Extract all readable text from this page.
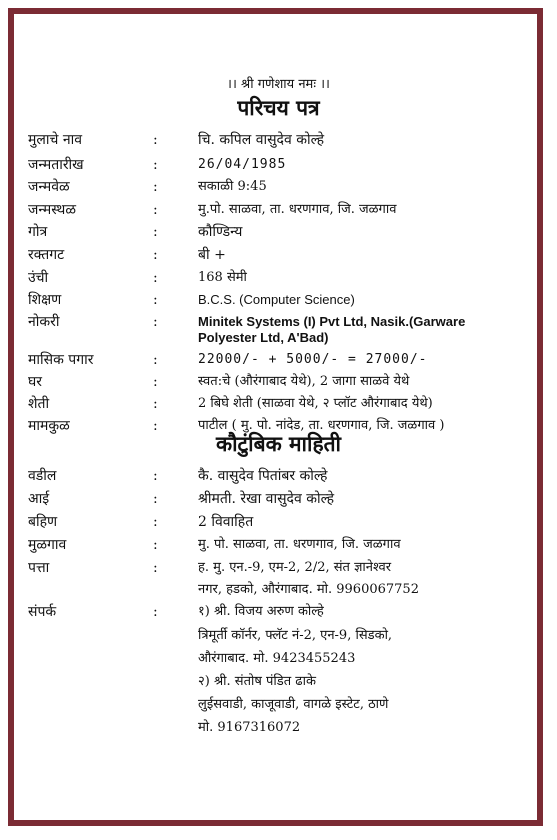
।। श्री गणेशाय नमः ।।
परिचय पत्र
मुलाचे नाव	:	चि. कपिल वासुदेव कोल्हे
जन्मतारीख	:	26/04/1985
जन्मवेळ	:	सकाळी 9:45
जन्मस्थळ	:	मु.पो. साळवा, ता. धरणगाव, जि. जळगाव
गोत्र	:	कौण्डिन्य
रक्तगट	:	बी +
उंची	:	168 सेमी
शिक्षण	:	B.C.S. (Computer Science)
नोकरी	:	Minitek Systems (I) Pvt Ltd, Nasik.(Garware
Polyester Ltd, A'Bad)
मासिक पगार	:	22000/- + 5000/- = 27000/-
घर	:	स्वत:चे (औरंगाबाद येथे), 2 जागा साळवे येथे
शेती	:	2 बिघे शेती (साळवा येथे, २ प्लॉट औरंगाबाद येथे)
मामकुळ	:	पाटील ( मु. पो. नांदेड, ता. धरणगाव, जि. जळगाव )
कौटुंबिक माहिती
वडील	:	कै. वासुदेव पितांबर कोल्हे
आई	:	श्रीमती. रेखा वासुदेव कोल्हे
बहिण	:	2 विवाहित
मुळगाव	:	मु. पो. साळवा, ता. धरणगाव, जि. जळगाव
पत्ता	:	ह. मु. एन.-9, एम-2, 2/2, संत ज्ञानेश्वर
नगर, हडको, औरंगाबाद. मो. 9960067752
संपर्क	:	१) श्री. विजय अरुण कोल्हे
त्रिमूर्ती कॉर्नर, फ्लॅट नं-2, एन-9, सिडको,
औरंगाबाद. मो. 9423455243
२) श्री. संतोष पंडित ढाके
लुईसवाडी, काजूवाडी, वागळे इस्टेट, ठाणे
मो. 9167316072
